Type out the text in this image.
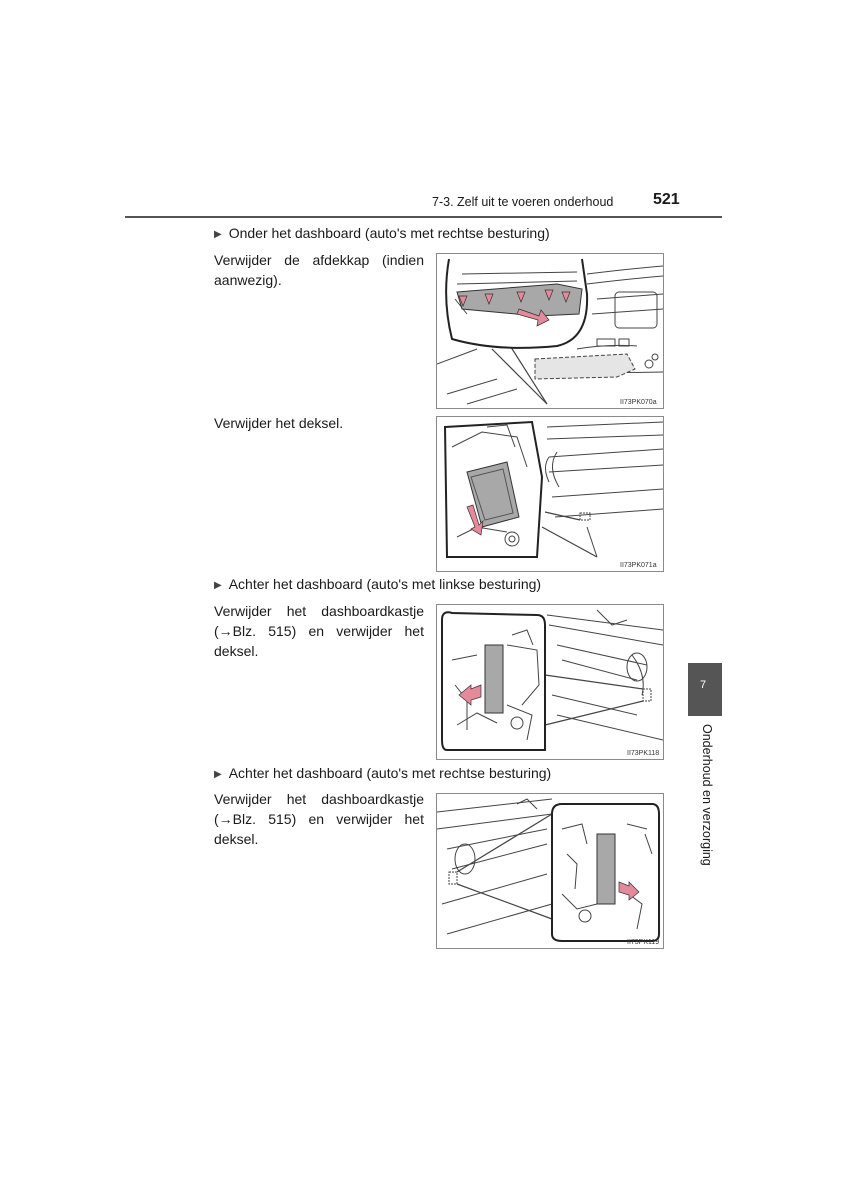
7-3. Zelf uit te voeren onderhoud 521
▶ Onder het dashboard (auto's met rechtse besturing)
Verwijder de afdekkap (indien
aanwezig).
II73PK070a
Verwijder het deksel.
II73PK071a
▶ Achter het dashboard (auto's met linkse besturing)
Verwijder het dashboardkastje
(→Blz. 515) en verwijder het
deksel.
II73PK118
▶ Achter het dashboard (auto's met rechtse besturing)
Verwijder het dashboardkastje
(→Blz. 515) en verwijder het
deksel.
II73PK119
7
Onderhoud en verzorging
